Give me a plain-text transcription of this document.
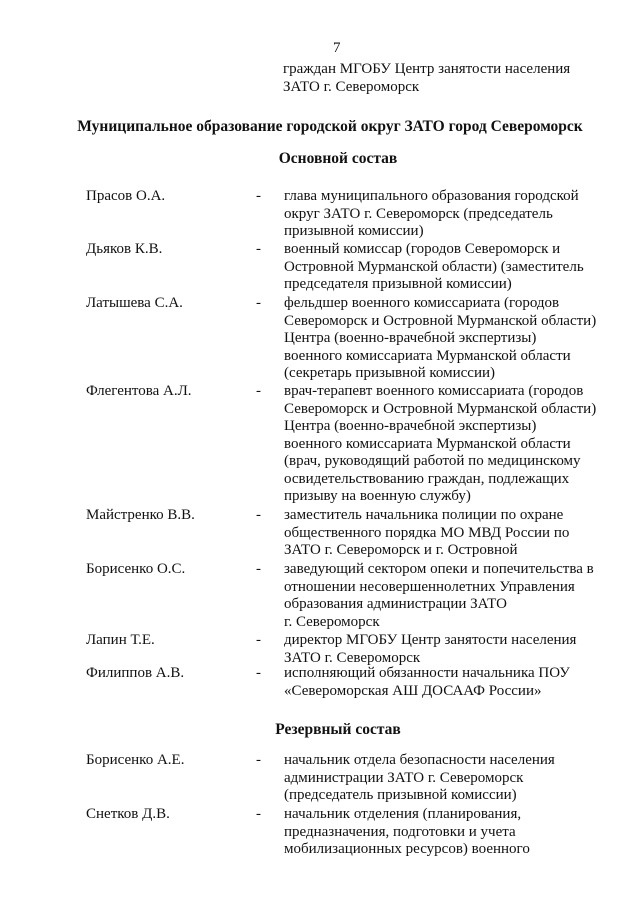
7
граждан МГОБУ Центр занятости населения
ЗАТО г. Североморск
Муниципальное образование городской округ ЗАТО город Североморск
Основной состав
Прасов О.А.	- глава муниципального образования городской
округ ЗАТО г. Североморск (председатель
призывной комиссии)
Дьяков К.В.	- военный комиссар (городов Североморск и
Островной Мурманской области) (заместитель
председателя призывной комиссии)
Латышева С.А.	- фельдшер военного комиссариата (городов
Североморск и Островной Мурманской области)
Центра (военно-врачебной экспертизы)
военного комиссариата Мурманской области
(секретарь призывной комиссии)
Флегентова А.Л.	- врач-терапевт военного комиссариата (городов
Североморск и Островной Мурманской области)
Центра (военно-врачебной экспертизы)
военного комиссариата Мурманской области
(врач, руководящий работой по медицинскому
освидетельствованию граждан, подлежащих
призыву на военную службу)
Майстренко В.В.	- заместитель начальника полиции по охране
общественного порядка МО МВД России по
ЗАТО г. Североморск и г. Островной
Борисенко О.С.	- заведующий сектором опеки и попечительства в
отношении несовершеннолетних Управления
образования администрации ЗАТО
г. Североморск
Лапин Т.Е.	- директор МГОБУ Центр занятости населения
ЗАТО г. Североморск
Филиппов А.В.	- исполняющий обязанности начальника ПОУ
«Североморская АШ ДОСААФ России»
Резервный состав
Борисенко А.Е.	- начальник отдела безопасности населения
администрации ЗАТО г. Североморск
(председатель призывной комиссии)
Снетков Д.В.	- начальник отделения (планирования,
предназначения, подготовки и учета
мобилизационных ресурсов) военного
